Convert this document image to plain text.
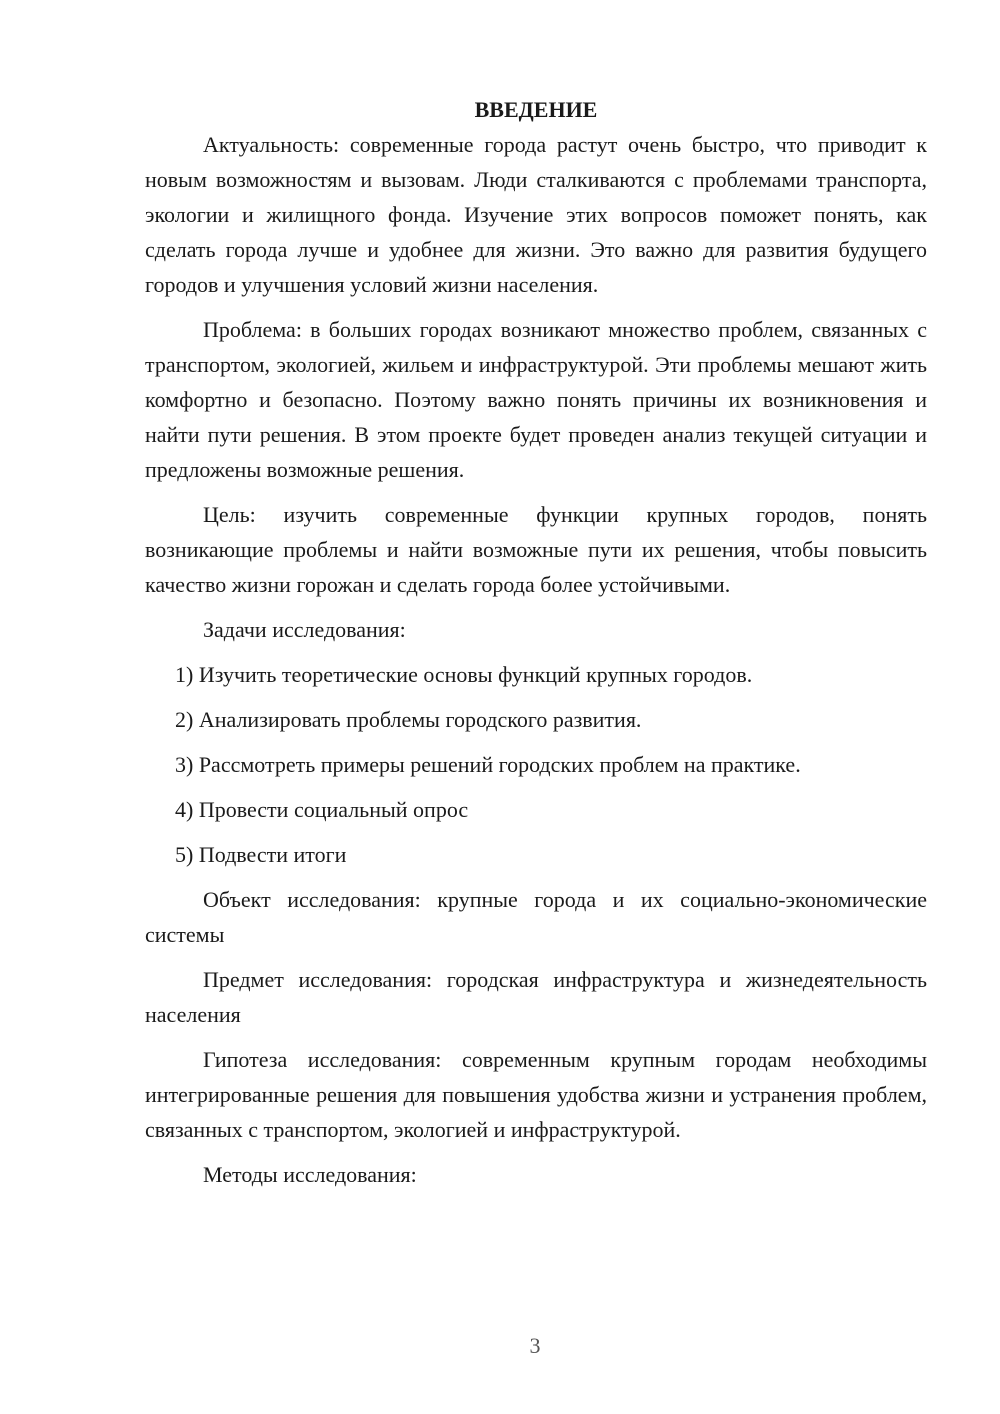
ВВЕДЕНИЕ

Актуальность: современные города растут очень быстро, что приводит к новым возможностям и вызовам. Люди сталкиваются с проблемами транспорта, экологии и жилищного фонда. Изучение этих вопросов поможет понять, как сделать города лучше и удобнее для жизни. Это важно для развития будущего городов и улучшения условий жизни населения.

Проблема: в больших городах возникают множество проблем, связанных с транспортом, экологией, жильем и инфраструктурой. Эти проблемы мешают жить комфортно и безопасно. Поэтому важно понять причины их возникновения и найти пути решения. В этом проекте будет проведен анализ текущей ситуации и предложены возможные решения.

Цель: изучить современные функции крупных городов, понять возникающие проблемы и найти возможные пути их решения, чтобы повысить качество жизни горожан и сделать города более устойчивыми.

Задачи исследования:

1) Изучить теоретические основы функций крупных городов.

2) Анализировать проблемы городского развития.

3) Рассмотреть примеры решений городских проблем на практике.

4) Провести социальный опрос

5) Подвести итоги

Объект исследования: крупные города и их социально-экономические системы

Предмет исследования: городская инфраструктура и жизнедеятельность населения

Гипотеза исследования: современным крупным городам необходимы интегрированные решения для повышения удобства жизни и устранения проблем, связанных с транспортом, экологией и инфраструктурой.

Методы исследования:

3
